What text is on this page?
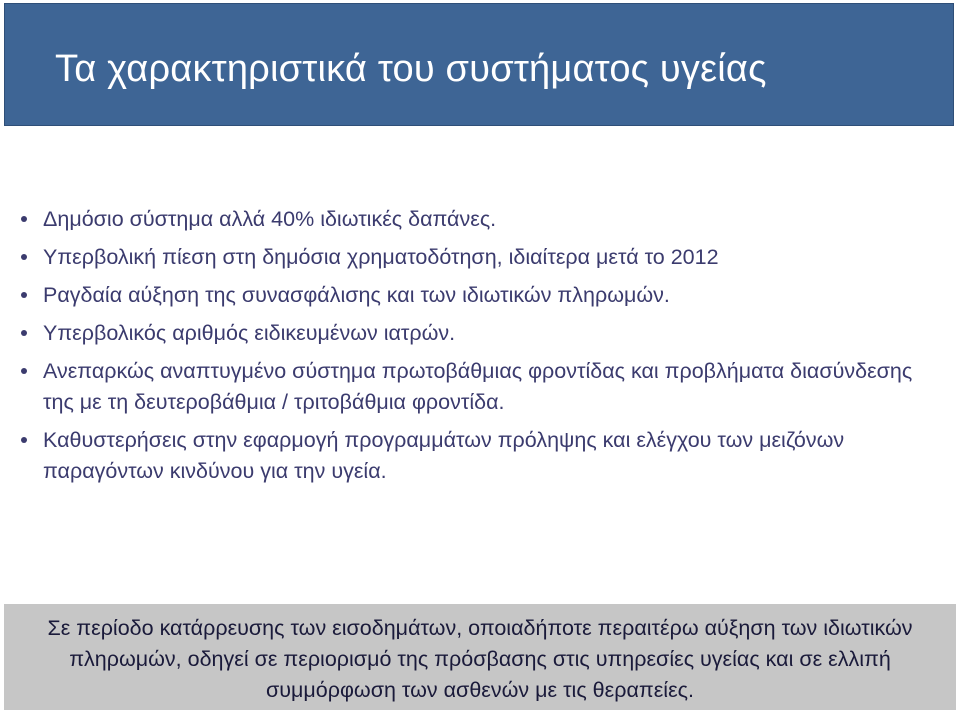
Τα χαρακτηριστικά του συστήματος υγείας
Δημόσιο σύστημα αλλά 40% ιδιωτικές δαπάνες.
Υπερβολική πίεση στη δημόσια χρηματοδότηση, ιδιαίτερα μετά το 2012
Ραγδαία αύξηση της συνασφάλισης και των ιδιωτικών πληρωμών.
Υπερβολικός αριθμός ειδικευμένων ιατρών.
Ανεπαρκώς αναπτυγμένο σύστημα πρωτοβάθμιας φροντίδας και προβλήματα διασύνδεσης της με τη δευτεροβάθμια / τριτοβάθμια φροντίδα.
Καθυστερήσεις στην εφαρμογή προγραμμάτων πρόληψης και ελέγχου των μειζόνων παραγόντων κινδύνου για την υγεία.

Σε περίοδο κατάρρευσης των εισοδημάτων, οποιαδήποτε περαιτέρω αύξηση των ιδιωτικών πληρωμών, οδηγεί σε περιορισμό της πρόσβασης στις υπηρεσίες υγείας και σε ελλιπή συμμόρφωση των ασθενών με τις θεραπείες.
